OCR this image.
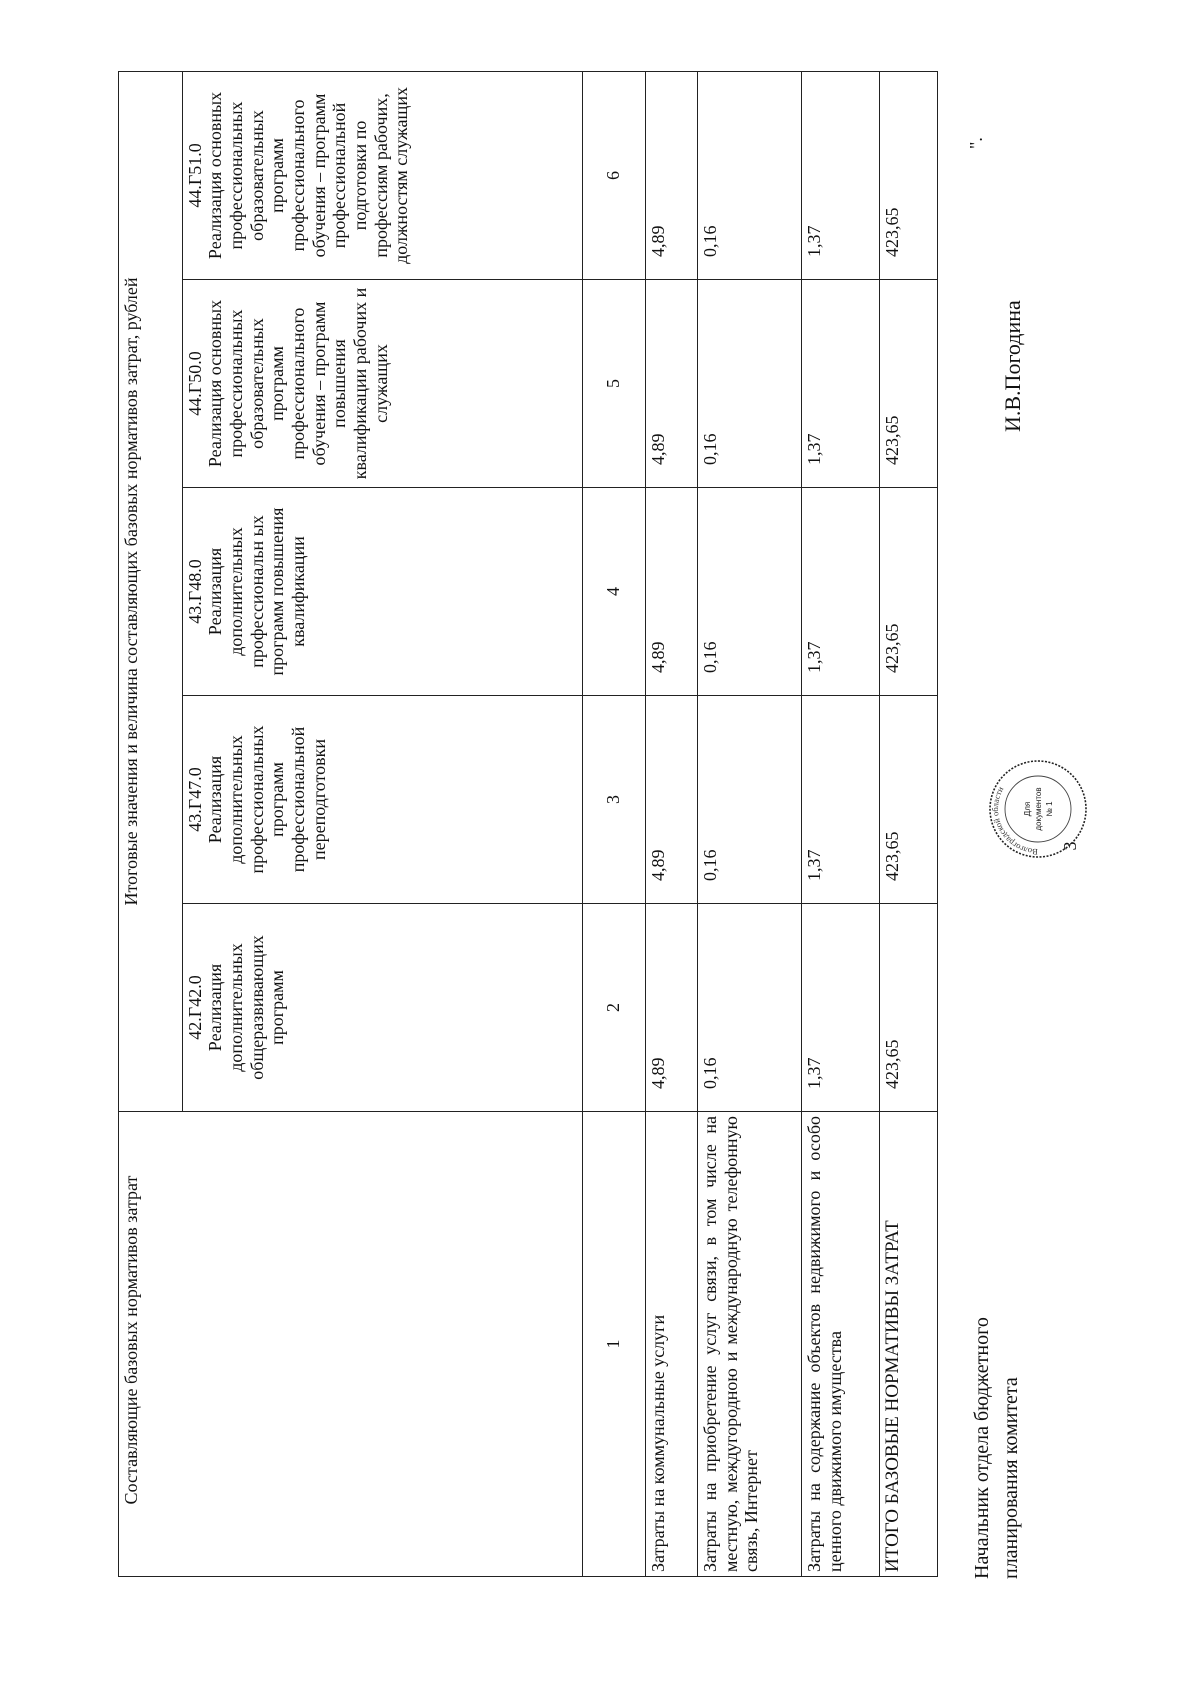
3
Составляющие базовых нормативов затрат	Итоговые значения и величина составляющих базовых нормативов затрат, рублей				

	42.Г42.0 Реализация дополнительных общеразвивающих программ	43.Г47.0 Реализация дополнительных профессиональных программ профессиональной переподготовки	43.Г48.0 Реализация дополнительных профессиональн ых программ повышения квалификации	44.Г50.0 Реализация основных профессиональных образовательных программ профессионального обучения – программ повышения квалификации рабочих и служащих	44.Г51.0 Реализация основных профессиональных образовательных программ профессионального обучения – программ профессиональной подготовки по профессиям рабочих, должностям служащих
1	2	3	4	5	6
Затраты на коммунальные услуги	4,89	4,89	4,89	4,89	4,89
Затраты на приобретение услуг связи, в том числе на местную, междугородною и международную телефонную связь, Интернет	0,16	0,16	0,16	0,16	0,16
Затраты на содержание объектов недвижимого и особо ценного движимого имущества	1,37	1,37	1,37	1,37	1,37
ИТОГО БАЗОВЫЕ НОРМАТИВЫ ЗАТРАТ	423,65	423,65	423,65	423,65	423,65
Начальник отдела бюджетного планирования комитета
Волгоградской области
Для документов № 1
И.В.Погодина
".
